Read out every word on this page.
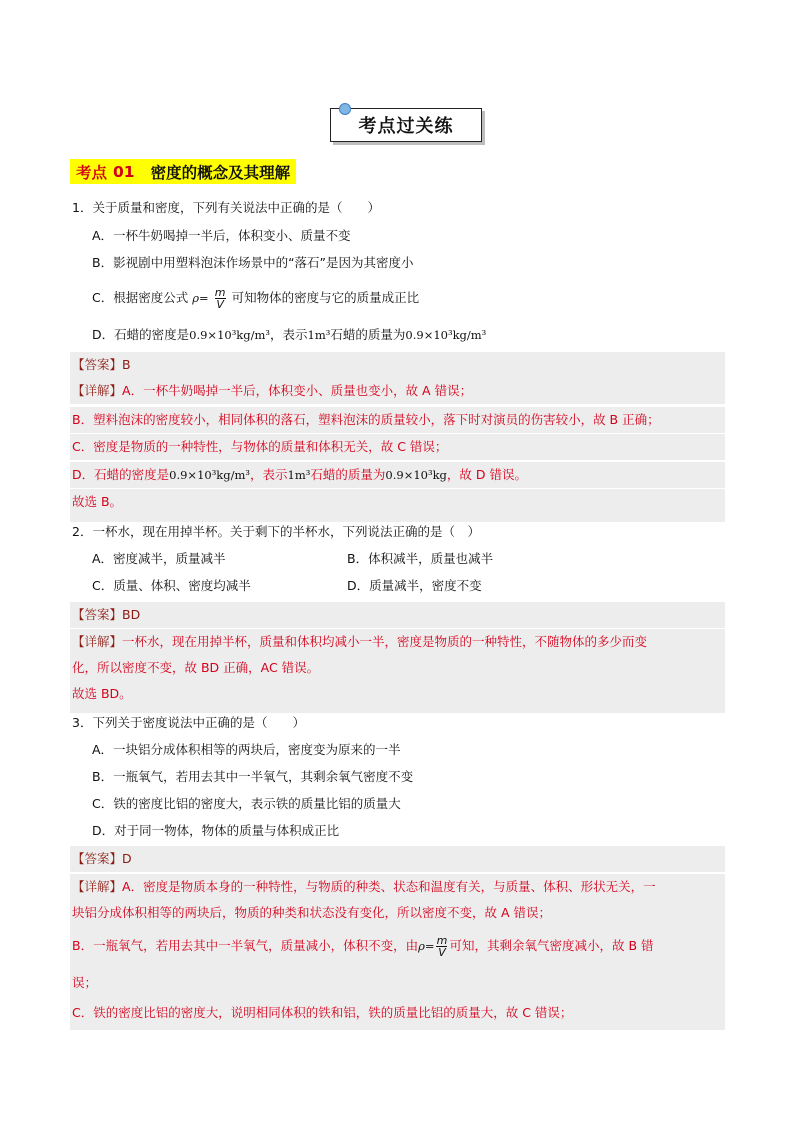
考点过关练
考点 01 密度的概念及其理解
1．关于质量和密度，下列有关说法中正确的是（　　）
A．一杯牛奶喝掉一半后，体积变小、质量不变
B．影视剧中用塑料泡沫作场景中的“落石”是因为其密度小
C．根据密度公式 $\rho= \frac{m}{V}$ 可知物体的密度与它的质量成正比
D．石蜡的密度是0.9×10³kg/m³，表示1m³石蜡的质量为0.9×10³kg/m³
【答案】B
【详解】A．一杯牛奶喝掉一半后，体积变小、质量也变小，故 A 错误；
B．塑料泡沫的密度较小，相同体积的落石，塑料泡沫的质量较小，落下时对演员的伤害较小，故 B 正确；
C．密度是物质的一种特性，与物体的质量和体积无关，故 C 错误；
D．石蜡的密度是0.9×10³kg/m³，表示1m³石蜡的质量为0.9×10³kg，故 D 错误。
故选 B。
2．一杯水，现在用掉半杯。关于剩下的半杯水，下列说法正确的是（　）
A．密度减半，质量减半	B．体积减半，质量也减半
C．质量、体积、密度均减半	D．质量减半，密度不变
【答案】BD
【详解】一杯水，现在用掉半杯，质量和体积均减小一半，密度是物质的一种特性，不随物体的多少而变
化，所以密度不变，故 BD 正确，AC 错误。
故选 BD。
3．下列关于密度说法中正确的是（　　）
A．一块铝分成体积相等的两块后，密度变为原来的一半
B．一瓶氧气，若用去其中一半氧气，其剩余氧气密度不变
C．铁的密度比铝的密度大，表示铁的质量比铝的质量大
D．对于同一物体，物体的质量与体积成正比
【答案】D
【详解】A．密度是物质本身的一种特性，与物质的种类、状态和温度有关，与质量、体积、形状无关，一
块铝分成体积相等的两块后，物质的种类和状态没有变化，所以密度不变，故 A 错误；
B．一瓶氧气，若用去其中一半氧气，质量减小，体积不变，由$\rho= \frac{m}{V}$ 可知，其剩余氧气密度减小，故 B 错
误；
C．铁的密度比铝的密度大，说明相同体积的铁和铝，铁的质量比铝的质量大，故 C 错误；
